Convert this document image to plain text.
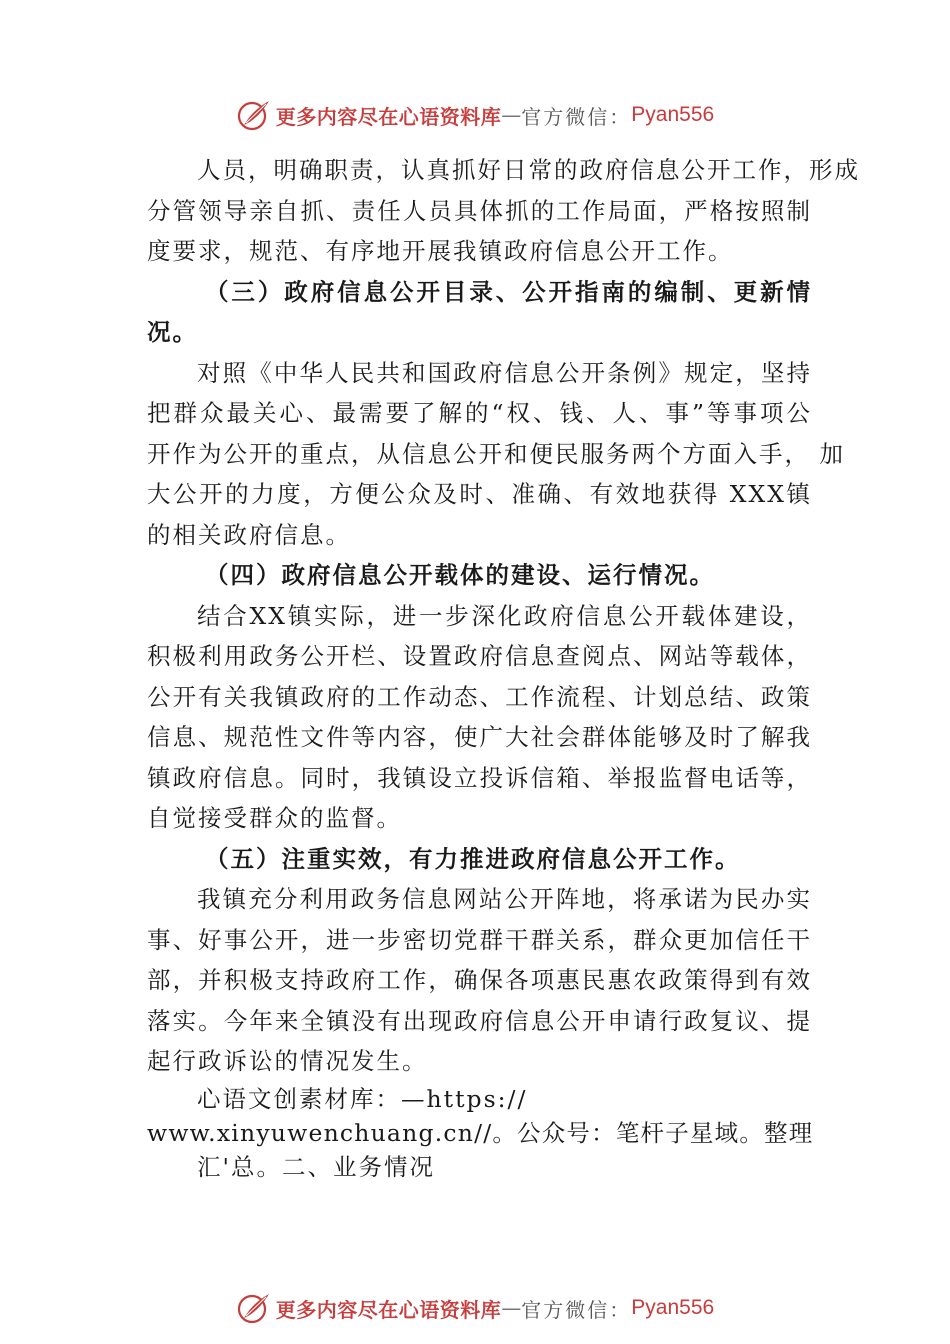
更多内容尽在心语资料库 — 官方微信： Pyan556
人员，明确职责，认真抓好日常的政府信息公开工作，形成
分管领导亲自抓、责任人员具体抓的工作局面，严格按照制
度要求，规范、有序地开展我镇政府信息公开工作。
（三）政府信息公开目录、公开指南的编制、更新情
况。
对照《中华人民共和国政府信息公开条例》规定，坚持
把群众最关心、最需要了解的“权、钱、人、事”等事项公
开作为公开的重点，从信息公开和便民服务两个方面入手， 加
大公开的力度，方便公众及时、准确、有效地获得 XXX镇
的相关政府信息。
（四）政府信息公开载体的建设、运行情况。
结合XX镇实际，进一步深化政府信息公开载体建设，
积极利用政务公开栏、设置政府信息查阅点、网站等载体，
公开有关我镇政府的工作动态、工作流程、计划总结、政策
信息、规范性文件等内容，使广大社会群体能够及时了解我
镇政府信息。同时，我镇设立投诉信箱、举报监督电话等，
自觉接受群众的监督。
（五）注重实效，有力推进政府信息公开工作。
我镇充分利用政务信息网站公开阵地，将承诺为民办实
事、好事公开，进一步密切党群干群关系，群众更加信任干
部，并积极支持政府工作，确保各项惠民惠农政策得到有效
落实。今年来全镇没有出现政府信息公开申请行政复议、提
起行政诉讼的情况发生。
心语文创素材库：—https://
www.xinyuwenchuang.cn//。公众号：笔杆子星域。整理
汇'总。二、业务情况
更多内容尽在心语资料库 — 官方微信： Pyan556
